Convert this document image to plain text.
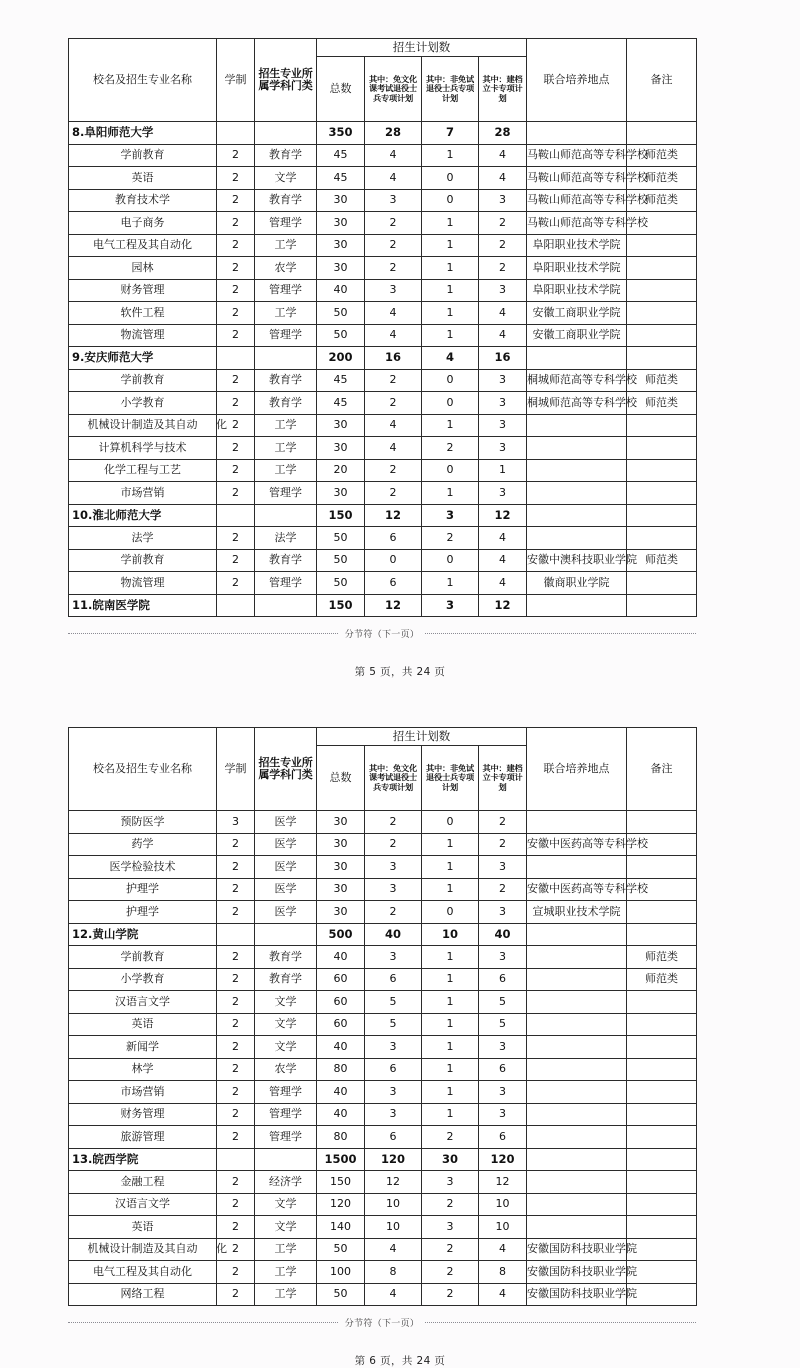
校名及招生专业名称	学制	招生专业所属学科门类	招生计划数				联合培养地点	备注
			总数	其中：免文化课考试退役士兵专项计划	其中：非免试退役士兵专项计划	其中：建档立卡专项计划		
8.阜阳师范大学			350	28	7	28		
学前教育	2	教育学	45	4	1	4	马鞍山师范高等专科学校	师范类
英语	2	文学	45	4	0	4	马鞍山师范高等专科学校	师范类
教育技术学	2	教育学	30	3	0	3	马鞍山师范高等专科学校	师范类
电子商务	2	管理学	30	2	1	2	马鞍山师范高等专科学校	
电气工程及其自动化	2	工学	30	2	1	2	阜阳职业技术学院	
园林	2	农学	30	2	1	2	阜阳职业技术学院	
财务管理	2	管理学	40	3	1	3	阜阳职业技术学院	
软件工程	2	工学	50	4	1	4	安徽工商职业学院	
物流管理	2	管理学	50	4	1	4	安徽工商职业学院	
9.安庆师范大学			200	16	4	16		
学前教育	2	教育学	45	2	0	3	桐城师范高等专科学校	师范类
小学教育	2	教育学	45	2	0	3	桐城师范高等专科学校	师范类
机械设计制造及其自动 化	2	工学	30	4	1	3		
计算机科学与技术	2	工学	30	4	2	3		
化学工程与工艺	2	工学	20	2	0	1		
市场营销	2	管理学	30	2	1	3		
10.淮北师范大学			150	12	3	12		
法学	2	法学	50	6	2	4		
学前教育	2	教育学	50	0	0	4	安徽中澳科技职业学院	师范类
物流管理	2	管理学	50	6	1	4	徽商职业学院	
11.皖南医学院			150	12	3	12		
分节符（下一页）
第 5 页，共 24 页
校名及招生专业名称	学制	招生专业所属学科门类	招生计划数				联合培养地点	备注
			总数	其中：免文化课考试退役士兵专项计划	其中：非免试退役士兵专项计划	其中：建档立卡专项计划		
预防医学	3	医学	30	2	0	2		
药学	2	医学	30	2	1	2	安徽中医药高等专科学校	
医学检验技术	2	医学	30	3	1	3		
护理学	2	医学	30	3	1	2	安徽中医药高等专科学校	
护理学	2	医学	30	2	0	3	宣城职业技术学院	
12.黄山学院			500	40	10	40		
学前教育	2	教育学	40	3	1	3		师范类
小学教育	2	教育学	60	6	1	6		师范类
汉语言文学	2	文学	60	5	1	5		
英语	2	文学	60	5	1	5		
新闻学	2	文学	40	3	1	3		
林学	2	农学	80	6	1	6		
市场营销	2	管理学	40	3	1	3		
财务管理	2	管理学	40	3	1	3		
旅游管理	2	管理学	80	6	2	6		
13.皖西学院			1500	120	30	120		
金融工程	2	经济学	150	12	3	12		
汉语言文学	2	文学	120	10	2	10		
英语	2	文学	140	10	3	10		
机械设计制造及其自动 化	2	工学	50	4	2	4	安徽国防科技职业学院	
电气工程及其自动化	2	工学	100	8	2	8	安徽国防科技职业学院	
网络工程	2	工学	50	4	2	4	安徽国防科技职业学院	
分节符（下一页）
第 6 页，共 24 页
